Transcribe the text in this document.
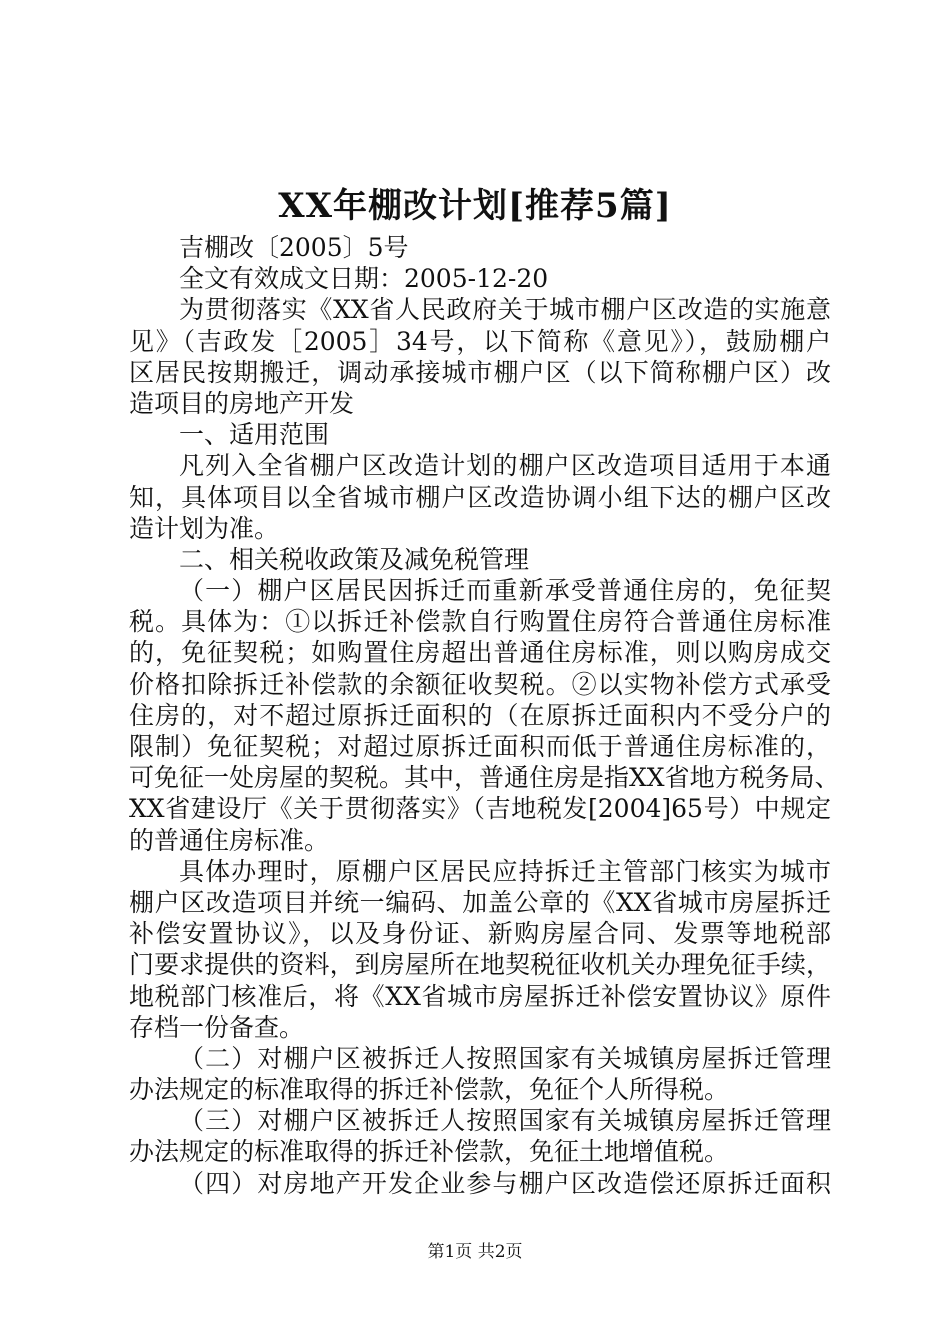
XX年棚改计划[推荐5篇]
吉棚改〔2005〕5号
全文有效成文日期：2005-12-20
为贯彻落实《XX省人民政府关于城市棚户区改造的实施意
见》（吉政发［2005］34号，以下简称《意见》），鼓励棚户
区居民按期搬迁，调动承接城市棚户区（以下简称棚户区）改
造项目的房地产开发
一、适用范围
凡列入全省棚户区改造计划的棚户区改造项目适用于本通
知，具体项目以全省城市棚户区改造协调小组下达的棚户区改
造计划为准。
二、相关税收政策及减免税管理
（一）棚户区居民因拆迁而重新承受普通住房的，免征契
税。具体为：①以拆迁补偿款自行购置住房符合普通住房标准
的，免征契税；如购置住房超出普通住房标准，则以购房成交
价格扣除拆迁补偿款的余额征收契税。②以实物补偿方式承受
住房的，对不超过原拆迁面积的（在原拆迁面积内不受分户的
限制）免征契税；对超过原拆迁面积而低于普通住房标准的，
可免征一处房屋的契税。其中，普通住房是指XX省地方税务局、
XX省建设厅《关于贯彻落实》（吉地税发[2004]65号）中规定
的普通住房标准。
具体办理时，原棚户区居民应持拆迁主管部门核实为城市
棚户区改造项目并统一编码、加盖公章的《XX省城市房屋拆迁
补偿安置协议》，以及身份证、新购房屋合同、发票等地税部
门要求提供的资料，到房屋所在地契税征收机关办理免征手续，
地税部门核准后，将《XX省城市房屋拆迁补偿安置协议》原件
存档一份备查。
（二）对棚户区被拆迁人按照国家有关城镇房屋拆迁管理
办法规定的标准取得的拆迁补偿款，免征个人所得税。
（三）对棚户区被拆迁人按照国家有关城镇房屋拆迁管理
办法规定的标准取得的拆迁补偿款，免征土地增值税。
（四）对房地产开发企业参与棚户区改造偿还原拆迁面积
第1页 共2页
